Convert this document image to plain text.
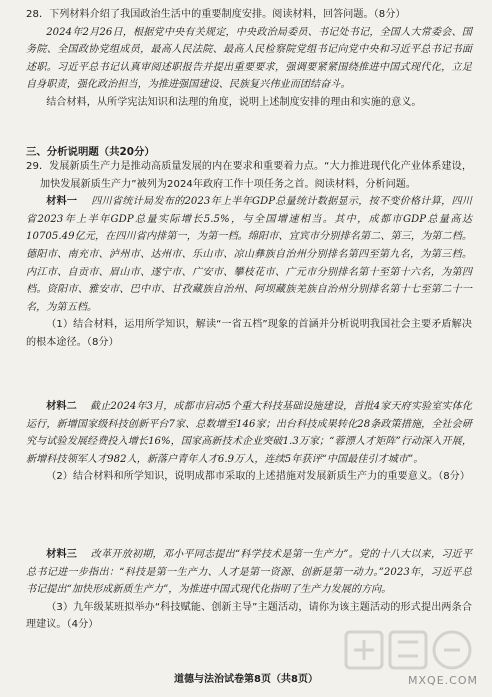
28．下列材料介绍了我国政治生活中的重要制度安排。阅读材料，回答问题。（8分）
2024年2月26日，根据党中央有关规定，中央政治局委员、书记处书记，全国人大常委会、国务院、全国政协党组成员，最高人民法院、最高人民检察院党组书记向党中央和习近平总书记书面述职。习近平总书记认真审阅述职报告并提出重要要求，强调要紧紧围绕推进中国式现代化，立足自身职责，强化政治担当，为推进强国建设、民族复兴伟业而团结奋斗。
结合材料，从所学宪法知识和法理的角度，说明上述制度安排的理由和实施的意义。
三、分析说明题（共20分）
29．发展新质生产力是推动高质量发展的内在要求和重要着力点。“大力推进现代化产业体系建设，加快发展新质生产力”被列为2024年政府工作十项任务之首。阅读材料，分析问题。
材料一 四川省统计局发布的2023年上半年GDP总量统计数据显示，按不变价格计算，四川省2023年上半年GDP总量实际增长5.5%，与全国增速相当。其中，成都市GDP总量高达10705.49亿元，在四川省内排第一，为第一档。绵阳市、宜宾市分别排名第二、第三，为第二档。德阳市、南充市、泸州市、达州市、乐山市、凉山彝族自治州分别排名第四至第九名，为第三档。内江市、自贡市、眉山市、遂宁市、广安市、攀枝花市、广元市分别排名第十至第十六名，为第四档。资阳市、雅安市、巴中市、甘孜藏族自治州、阿坝藏族羌族自治州分别排名第十七至第二十一名，为第五档。
（1）结合材料，运用所学知识，解读“一省五档”现象的首涵并分析说明我国社会主要矛盾解决的根本途径。（8分）
材料二 截止2024年3月，成都市启动5个重大科技基础设施建设，首批4家天府实验室实体化运行，新增国家级科技创新平台7家、总数增至146家；出台科技成果转化28条政策措施，全社会研究与试验发展经费投入增长16%，国家高新技术企业突破1.3万家；“蓉漂人才矩阵”行动深入开展，新增科技领军人才982人，新落户青年人才6.9万人，连续5年获评“中国最佳引才城市”。
（2）结合材料和所学知识，说明成都市采取的上述措施对发展新质生产力的重要意义。（8分）
材料三 改革开放初期，邓小平同志提出“科学技术是第一生产力”。党的十八大以来，习近平总书记进一步指出：“科技是第一生产力、人才是第一资源、创新是第一动力。”2023年，习近平总书记提出“加快形成新质生产力”，为推进中国式现代化指明了生产力发展的方向。
（3）九年级某班拟举办“科技赋能、创新主导”主题活动，请你为该主题活动的形式提出两条合理建议。（4分）
MXQE.COM
道德与法治试卷第8页（共8页）
